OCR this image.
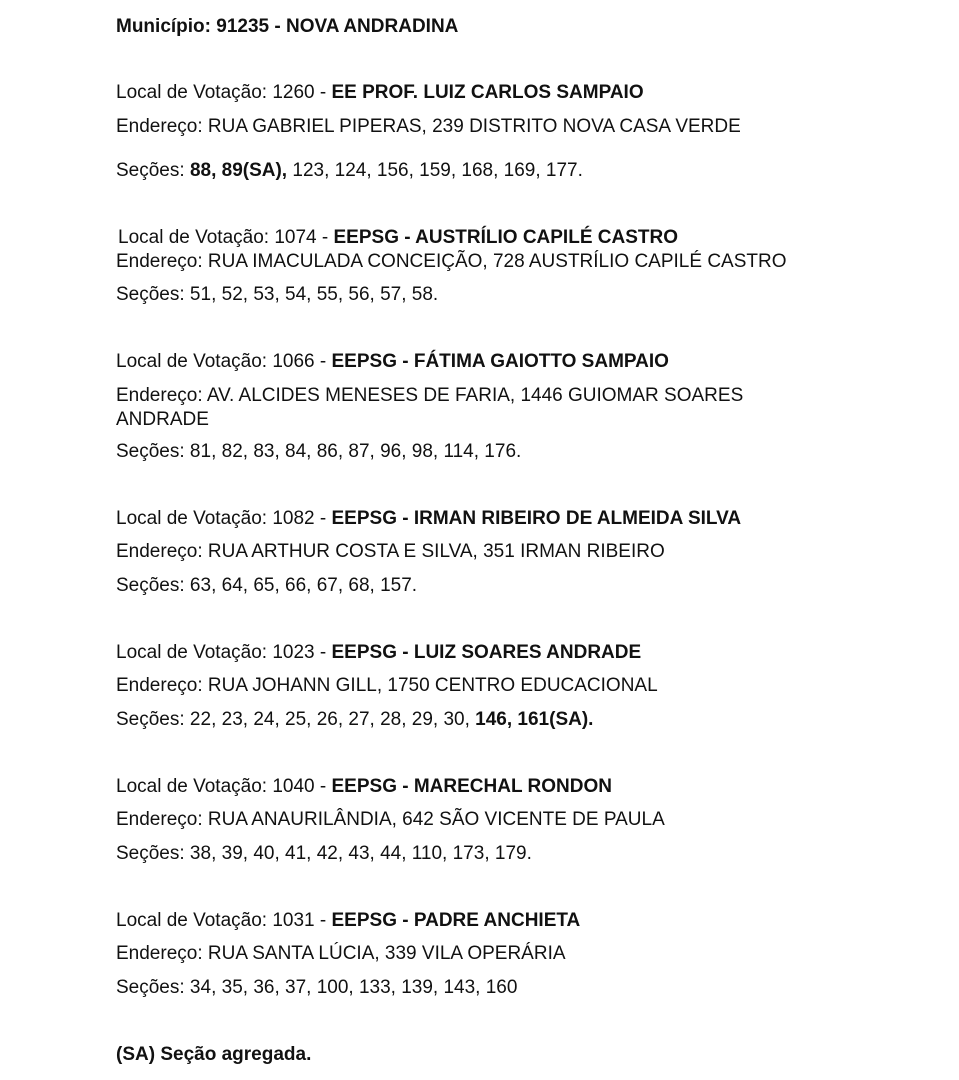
Município: 91235 - NOVA ANDRADINA
Local de Votação: 1260 - EE PROF. LUIZ CARLOS SAMPAIO
Endereço: RUA GABRIEL PIPERAS, 239 DISTRITO NOVA CASA VERDE
Seções: 88, 89(SA), 123, 124, 156, 159, 168, 169, 177.
Local de Votação: 1074 - EEPSG - AUSTRÍLIO CAPILÉ CASTRO
Endereço: RUA IMACULADA CONCEIÇÃO, 728 AUSTRÍLIO CAPILÉ CASTRO
Seções: 51, 52, 53, 54, 55, 56, 57, 58.
Local de Votação: 1066 - EEPSG - FÁTIMA GAIOTTO SAMPAIO
Endereço: AV. ALCIDES MENESES DE FARIA, 1446 GUIOMAR SOARES ANDRADE
Seções: 81, 82, 83, 84, 86, 87, 96, 98, 114, 176.
Local de Votação: 1082 - EEPSG - IRMAN RIBEIRO DE ALMEIDA SILVA
Endereço: RUA ARTHUR COSTA E SILVA, 351 IRMAN RIBEIRO
Seções: 63, 64, 65, 66, 67, 68, 157.
Local de Votação: 1023 - EEPSG - LUIZ SOARES ANDRADE
Endereço: RUA JOHANN GILL, 1750 CENTRO EDUCACIONAL
Seções: 22, 23, 24, 25, 26, 27, 28, 29, 30, 146, 161(SA).
Local de Votação: 1040 - EEPSG - MARECHAL RONDON
Endereço: RUA ANAURILÂNDIA, 642 SÃO VICENTE DE PAULA
Seções: 38, 39, 40, 41, 42, 43, 44, 110, 173, 179.
Local de Votação: 1031 - EEPSG - PADRE ANCHIETA
Endereço: RUA SANTA LÚCIA, 339 VILA OPERÁRIA
Seções: 34, 35, 36, 37, 100, 133, 139, 143, 160
(SA) Seção agregada.
